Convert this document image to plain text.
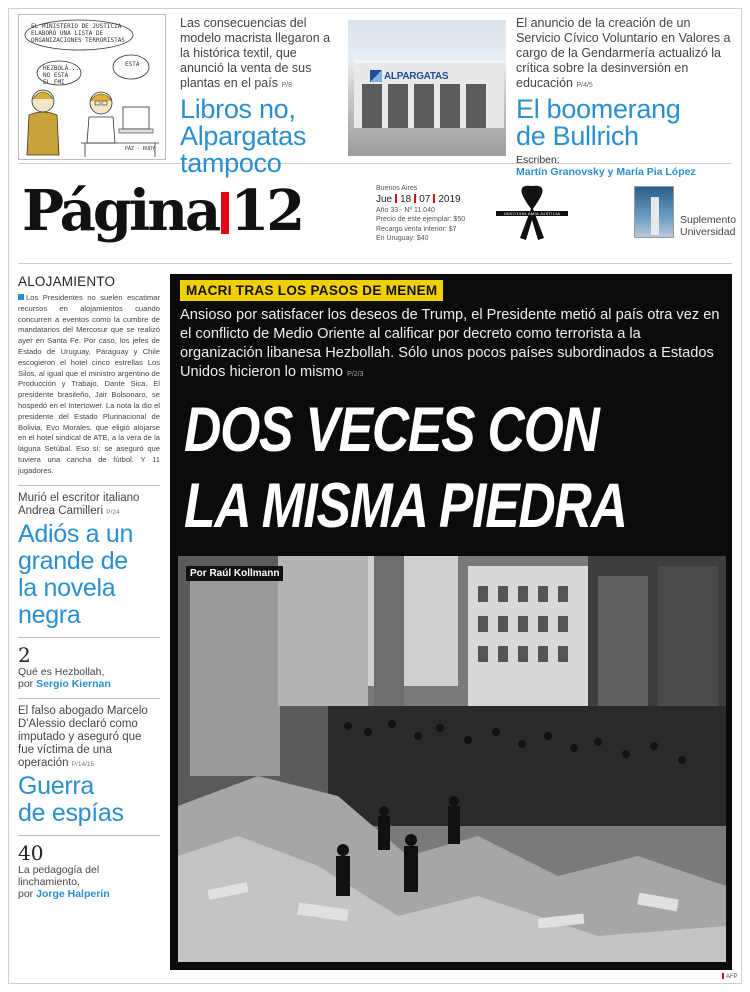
EL MINISTERIO DE JUSTICIA ELABORÓ UNA LISTA DE ORGANIZACIONES TERRORISTAS
HEZBOLÁ... NO ESTÁ EL FMI
ESTÁ
PAZ - RUDY
Las consecuencias del modelo macrista llegaron a la histórica textil, que anunció la venta de sus plantas en el país P/8
Libros no,
Alpargatas
tampoco
ALPARGATAS
El anuncio de la creación de un Servicio Cívico Voluntario en Valores a cargo de la Gendarmería actualizó la crítica sobre la desinversión en educación P/4/5
El boomerang
de Bullrich
Escriben:
Martín Granovsky y María Pia López
Página 12	Buenos Aires
Jue 18 07 2019
Año 33 - Nº 11.040
Precio de este ejemplar: $50
Recargo venta interior: $7
En Uruguay: $40
18/07/1994 AMIA JUSTICIA
Suplemento
Universidad
ALOJAMIENTO
Los Presidentes no suelen escatimar recursos en alojamientos cuando concurren a eventos como la cumbre de mandatarios del Mercosur que se realizó ayer en Santa Fe. Por caso, los jefes de Estado de Uruguay, Paraguay y Chile escogieron el hotel cinco estrellas Los Silos, al igual que el ministro argentino de Producción y Trabajo, Dante Sica. El presidente brasileño, Jair Bolsonaro, se hospedó en el Intertower. La nota la dio el presidente del Estado Plurinacional de Bolivia, Evo Morales, que eligió alojarse en el hotel sindical de ATE, a la vera de la laguna Setúbal. Eso sí: se aseguró que tuviera una cancha de fútbol. Y 11 jugadores.
Murió el escritor italiano Andrea Camilleri P/24
Adiós a un
grande de
la novela
negra
2
Qué es Hezbollah,
por Sergio Kiernan
El falso abogado Marcelo D'Alessio declaró como imputado y aseguró que fue víctima de una operación P/14/15
Guerra
de espías
40
La pedagogía del linchamiento,
por Jorge Halperín
MACRI TRAS LOS PASOS DE MENEM
Ansioso por satisfacer los deseos de Trump, el Presidente metió al país otra vez en el conflicto de Medio Oriente al calificar por decreto como terrorista a la organización libanesa Hezbollah. Sólo unos pocos países subordinados a Estados Unidos hicieron lo mismo P/2/3
DOS VECES CON
LA MISMA PIEDRA
Por Raúl Kollmann
AFP
